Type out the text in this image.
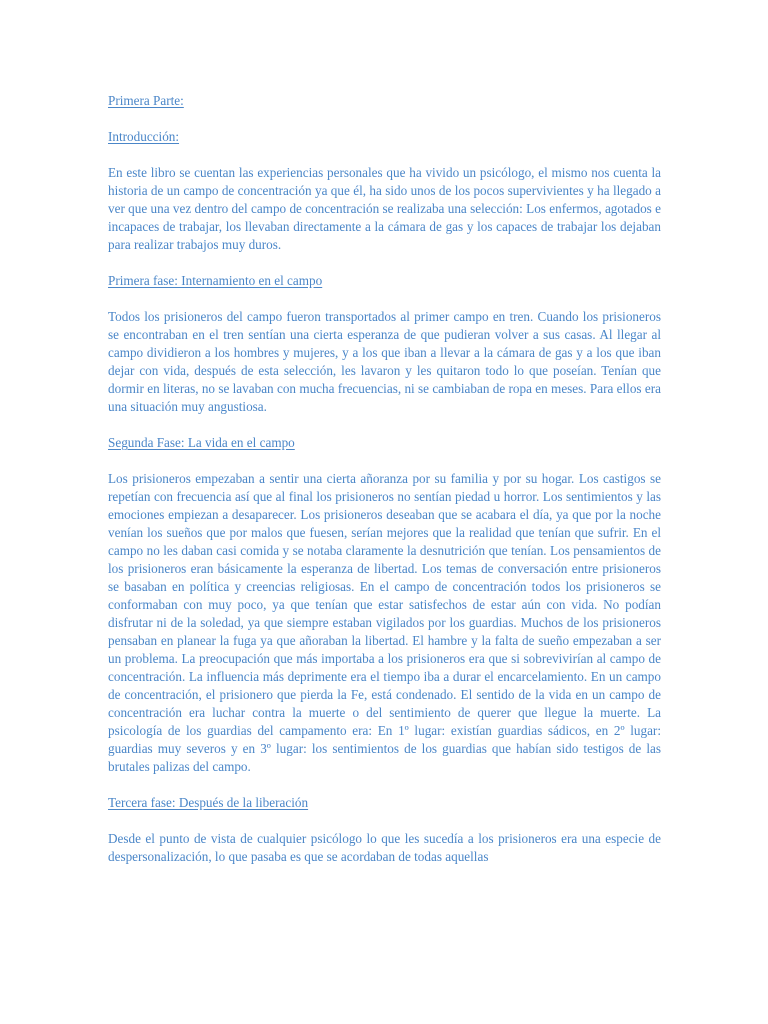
Primera Parte:
Introducción:

En este libro se cuentan las experiencias personales que ha vivido un psicólogo, el mismo nos cuenta la historia de un campo de concentración ya que él, ha sido unos de los pocos supervivientes y ha llegado a ver que una vez dentro del campo de concentración se realizaba una selección: Los enfermos, agotados e incapaces de trabajar, los llevaban directamente a la cámara de gas y los capaces de trabajar los dejaban para realizar trabajos muy duros.

Primera fase: Internamiento en el campo

Todos los prisioneros del campo fueron transportados al primer campo en tren. Cuando los prisioneros se encontraban en el tren sentían una cierta esperanza de que pudieran volver a sus casas. Al llegar al campo dividieron a los hombres y mujeres, y a los que iban a llevar a la cámara de gas y a los que iban dejar con vida, después de esta selección, les lavaron y les quitaron todo lo que poseían. Tenían que dormir en literas, no se lavaban con mucha frecuencias, ni se cambiaban de ropa en meses. Para ellos era una situación muy angustiosa.

Segunda Fase: La vida en el campo

Los prisioneros empezaban a sentir una cierta añoranza por su familia y por su hogar. Los castigos se repetían con frecuencia así que al final los prisioneros no sentían piedad u horror. Los sentimientos y las emociones empiezan a desaparecer. Los prisioneros deseaban que se acabara el día, ya que por la noche venían los sueños que por malos que fuesen, serían mejores que la realidad que tenían que sufrir. En el campo no les daban casi comida y se notaba claramente la desnutrición que tenían. Los pensamientos de los prisioneros eran básicamente la esperanza de libertad. Los temas de conversación entre prisioneros se basaban en política y creencias religiosas. En el campo de concentración todos los prisioneros se conformaban con muy poco, ya que tenían que estar satisfechos de estar aún con vida. No podían disfrutar ni de la soledad, ya que siempre estaban vigilados por los guardias. Muchos de los prisioneros pensaban en planear la fuga ya que añoraban la libertad. El hambre y la falta de sueño empezaban a ser un problema. La preocupación que más importaba a los prisioneros era que si sobrevivirían al campo de concentración. La influencia más deprimente era el tiempo iba a durar el encarcelamiento. En un campo de concentración, el prisionero que pierda la Fe, está condenado. El sentido de la vida en un campo de concentración era luchar contra la muerte o del sentimiento de querer que llegue la muerte. La psicología de los guardias del campamento era: En 1º lugar: existían guardias sádicos, en 2º lugar: guardias muy severos y en 3º lugar: los sentimientos de los guardias que habían sido testigos de las brutales palizas del campo.

Tercera fase: Después de la liberación

Desde el punto de vista de cualquier psicólogo lo que les sucedía a los prisioneros era una especie de despersonalización, lo que pasaba es que se acordaban de todas aquellas
